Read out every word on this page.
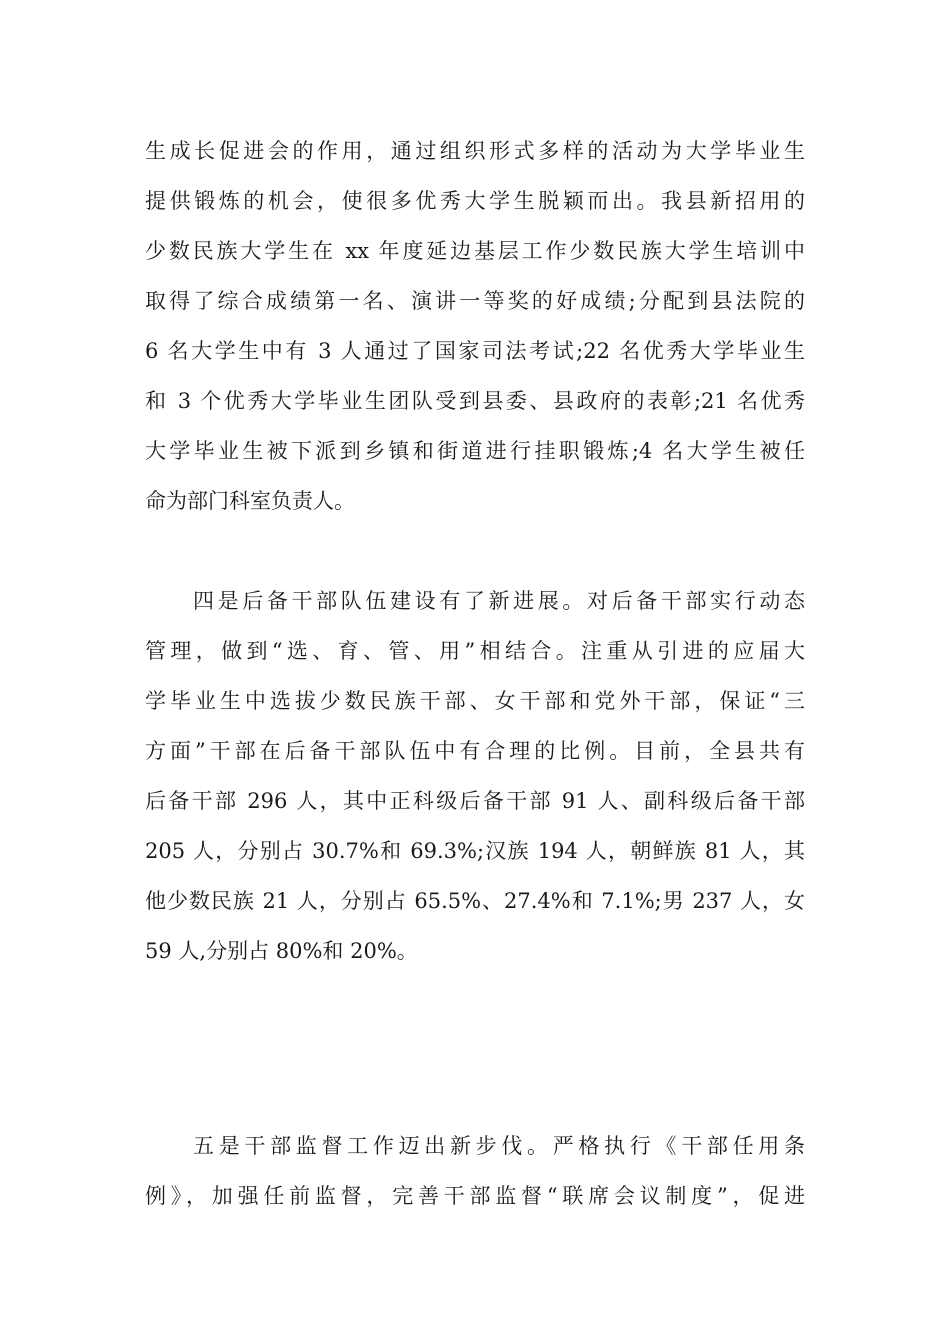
生成长促进会的作用，通过组织形式多样的活动为大学毕业生
提供锻炼的机会，使很多优秀大学生脱颖而出。我县新招用的
少数民族大学生在 xx 年度延边基层工作少数民族大学生培训中
取得了综合成绩第一名、演讲一等奖的好成绩;分配到县法院的
6 名大学生中有 3 人通过了国家司法考试;22 名优秀大学毕业生
和 3 个优秀大学毕业生团队受到县委、县政府的表彰;21 名优秀
大学毕业生被下派到乡镇和街道进行挂职锻炼;4 名大学生被任
命为部门科室负责人。
四是后备干部队伍建设有了新进展。对后备干部实行动态
管理，做到“选、育、管、用”相结合。注重从引进的应届大
学毕业生中选拔少数民族干部、女干部和党外干部，保证“三
方面”干部在后备干部队伍中有合理的比例。目前，全县共有
后备干部 296 人，其中正科级后备干部 91 人、副科级后备干部
205 人，分别占 30.7%和 69.3%;汉族 194 人，朝鲜族 81 人，其
他少数民族 21 人，分别占 65.5%、27.4%和 7.1%;男 237 人，女
59 人,分别占 80%和 20%。
五是干部监督工作迈出新步伐。严格执行《干部任用条
例》，加强任前监督，完善干部监督“联席会议制度”，促进
